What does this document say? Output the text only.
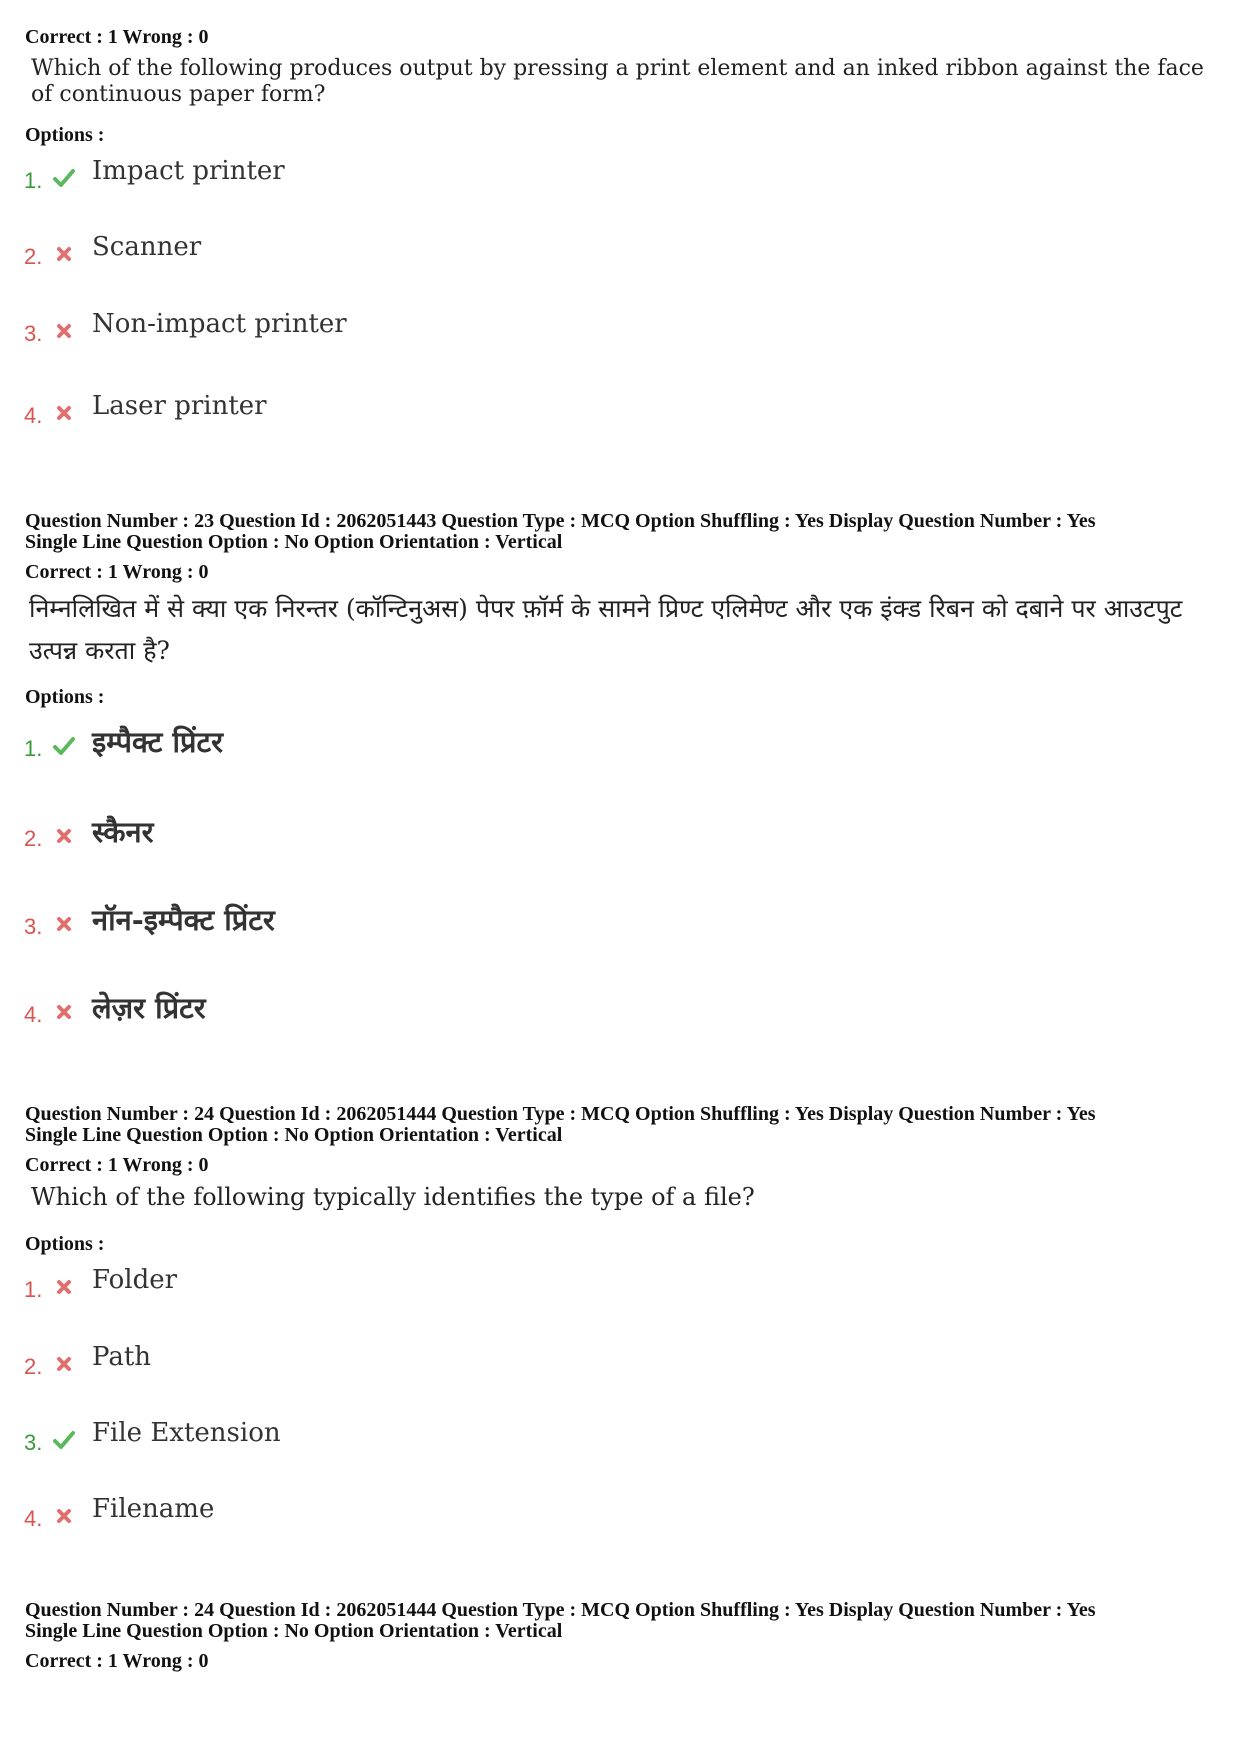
Correct : 1 Wrong : 0
Which of the following produces output by pressing a print element and an inked ribbon against the face of continuous paper form?
Options :
1. Impact printer
2. Scanner
3. Non-impact printer
4. Laser printer
Question Number : 23 Question Id : 2062051443 Question Type : MCQ Option Shuffling : Yes Display Question Number : Yes
Single Line Question Option : No Option Orientation : Vertical
Correct : 1 Wrong : 0
निम्नलिखित में से क्या एक निरन्तर (कॉन्टिनुअस) पेपर फ़ॉर्म के सामने प्रिण्ट एलिमेण्ट और एक इंक्ड रिबन को दबाने पर आउटपुट उत्पन्न करता है?
Options :
1. इम्पैक्ट प्रिंटर
2. स्कैनर
3. नॉन-इम्पैक्ट प्रिंटर
4. लेज़र प्रिंटर
Question Number : 24 Question Id : 2062051444 Question Type : MCQ Option Shuffling : Yes Display Question Number : Yes
Single Line Question Option : No Option Orientation : Vertical
Correct : 1 Wrong : 0
Which of the following typically identifies the type of a file?
Options :
1. Folder
2. Path
3. File Extension
4. Filename
Question Number : 24 Question Id : 2062051444 Question Type : MCQ Option Shuffling : Yes Display Question Number : Yes
Single Line Question Option : No Option Orientation : Vertical
Correct : 1 Wrong : 0
